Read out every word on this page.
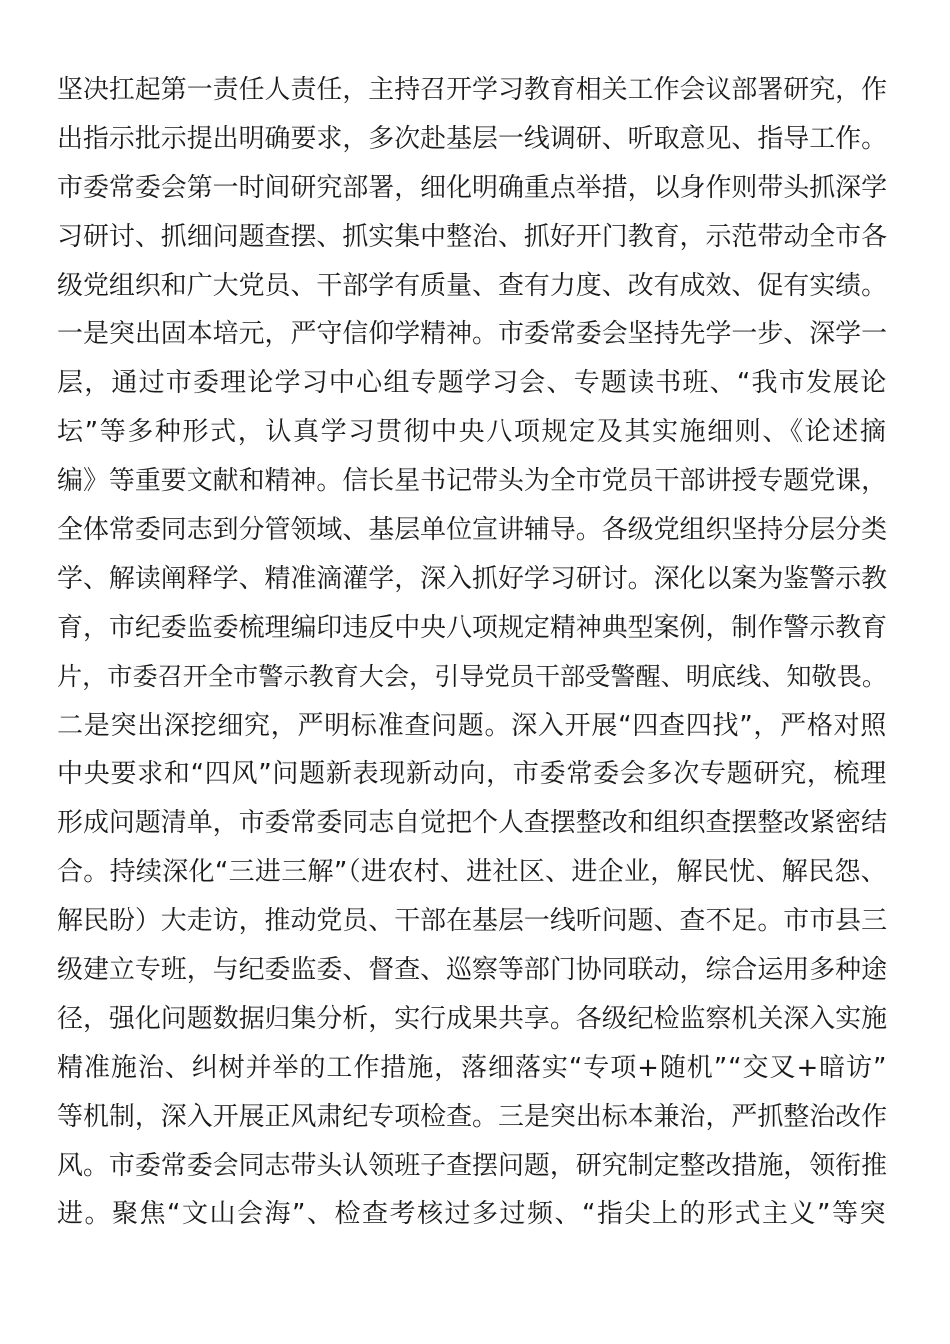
坚决扛起第一责任人责任，主持召开学习教育相关工作会议部署研究，作
出指示批示提出明确要求，多次赴基层一线调研、听取意见、指导工作。
市委常委会第一时间研究部署，细化明确重点举措，以身作则带头抓深学
习研讨、抓细问题查摆、抓实集中整治、抓好开门教育，示范带动全市各
级党组织和广大党员、干部学有质量、查有力度、改有成效、促有实绩。
一是突出固本培元，严守信仰学精神。市委常委会坚持先学一步、深学一
层，通过市委理论学习中心组专题学习会、专题读书班、“我市发展论
坛”等多种形式，认真学习贯彻中央八项规定及其实施细则、《论述摘
编》等重要文献和精神。信长星书记带头为全市党员干部讲授专题党课，
全体常委同志到分管领域、基层单位宣讲辅导。各级党组织坚持分层分类
学、解读阐释学、精准滴灌学，深入抓好学习研讨。深化以案为鉴警示教
育，市纪委监委梳理编印违反中央八项规定精神典型案例，制作警示教育
片，市委召开全市警示教育大会，引导党员干部受警醒、明底线、知敬畏。
二是突出深挖细究，严明标准查问题。深入开展“四查四找”，严格对照
中央要求和“四风”问题新表现新动向，市委常委会多次专题研究，梳理
形成问题清单，市委常委同志自觉把个人查摆整改和组织查摆整改紧密结
合。持续深化“三进三解”（进农村、进社区、进企业，解民忧、解民怨、
解民盼）大走访，推动党员、干部在基层一线听问题、查不足。市市县三
级建立专班，与纪委监委、督查、巡察等部门协同联动，综合运用多种途
径，强化问题数据归集分析，实行成果共享。各级纪检监察机关深入实施
精准施治、纠树并举的工作措施，落细落实“专项+随机”“交叉+暗访”
等机制，深入开展正风肃纪专项检查。三是突出标本兼治，严抓整治改作
风。市委常委会同志带头认领班子查摆问题，研究制定整改措施，领衔推
进。聚焦“文山会海”、检查考核过多过频、“指尖上的形式主义”等突
